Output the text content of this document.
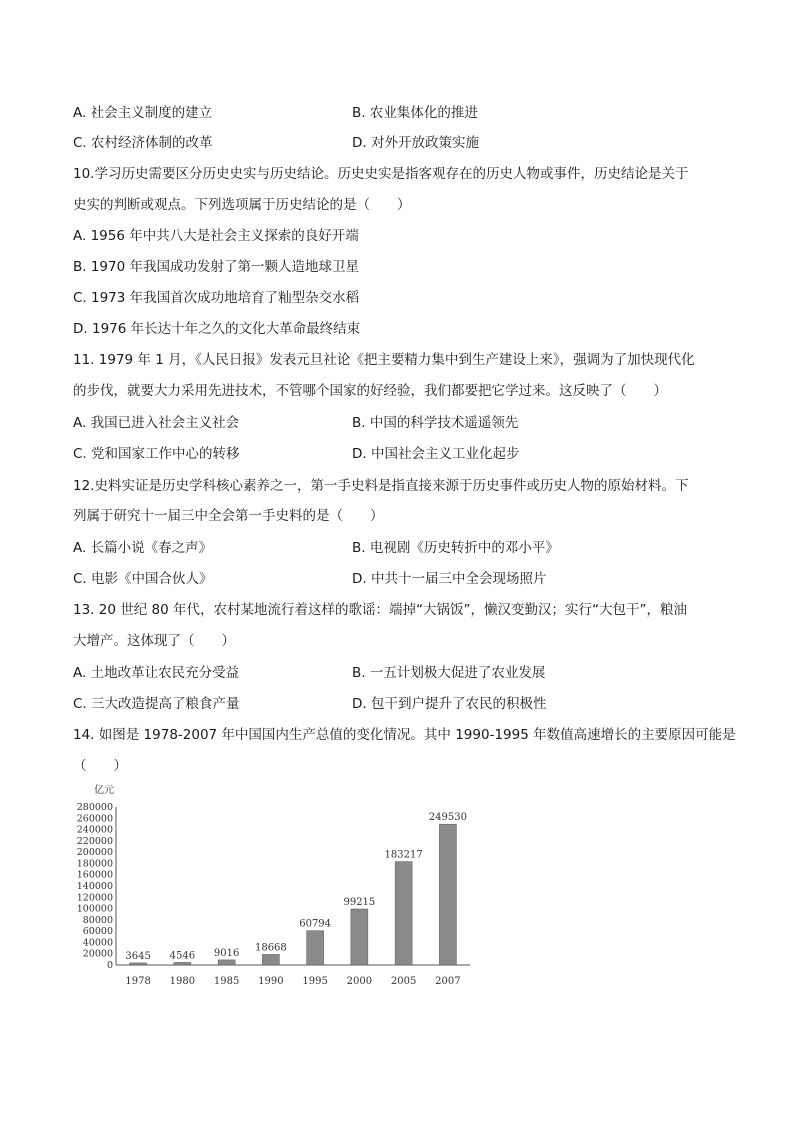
A. 社会主义制度的建立	B. 农业集体化的推进
C. 农村经济体制的改革	D. 对外开放政策实施
10.学习历史需要区分历史史实与历史结论。历史史实是指客观存在的历史人物或事件，历史结论是关于
史实的判断或观点。下列选项属于历史结论的是（　　）
A. 1956 年中共八大是社会主义探索的良好开端
B. 1970 年我国成功发射了第一颗人造地球卫星
C. 1973 年我国首次成功地培育了籼型杂交水稻
D. 1976 年长达十年之久的文化大革命最终结束
11. 1979 年 1 月，《人民日报》发表元旦社论《把主要精力集中到生产建设上来》，强调为了加快现代化
的步伐，就要大力采用先进技术，不管哪个国家的好经验，我们都要把它学过来。这反映了（　　）
A. 我国已进入社会主义社会	B. 中国的科学技术遥遥领先
C. 党和国家工作中心的转移	D. 中国社会主义工业化起步
12.史料实证是历史学科核心素养之一，第一手史料是指直接来源于历史事件或历史人物的原始材料。下
列属于研究十一届三中全会第一手史料的是（　　）
A. 长篇小说《春之声》	B. 电视剧《历史转折中的邓小平》
C. 电影《中国合伙人》	D. 中共十一届三中全会现场照片
13. 20 世纪 80 年代，农村某地流行着这样的歌谣：端掉“大锅饭”，懒汉变勤汉；实行“大包干”，粮油
大增产。这体现了（　　）
A. 土地改革让农民充分受益	B. 一五计划极大促进了农业发展
C. 三大改造提高了粮食产量	D. 包干到户提升了农民的积极性
14. 如图是 1978-2007 年中国国内生产总值的变化情况。其中 1990-1995 年数值高速增长的主要原因可能是
（　　）
亿元
0
20000
40000
60000
80000
100000
120000
140000
160000
180000
200000
220000
240000
260000
280000
3645 4546 9016 18668
60794
99215
183217
249530
1978 1980 1985 1990 1995 2000 2005 2007
